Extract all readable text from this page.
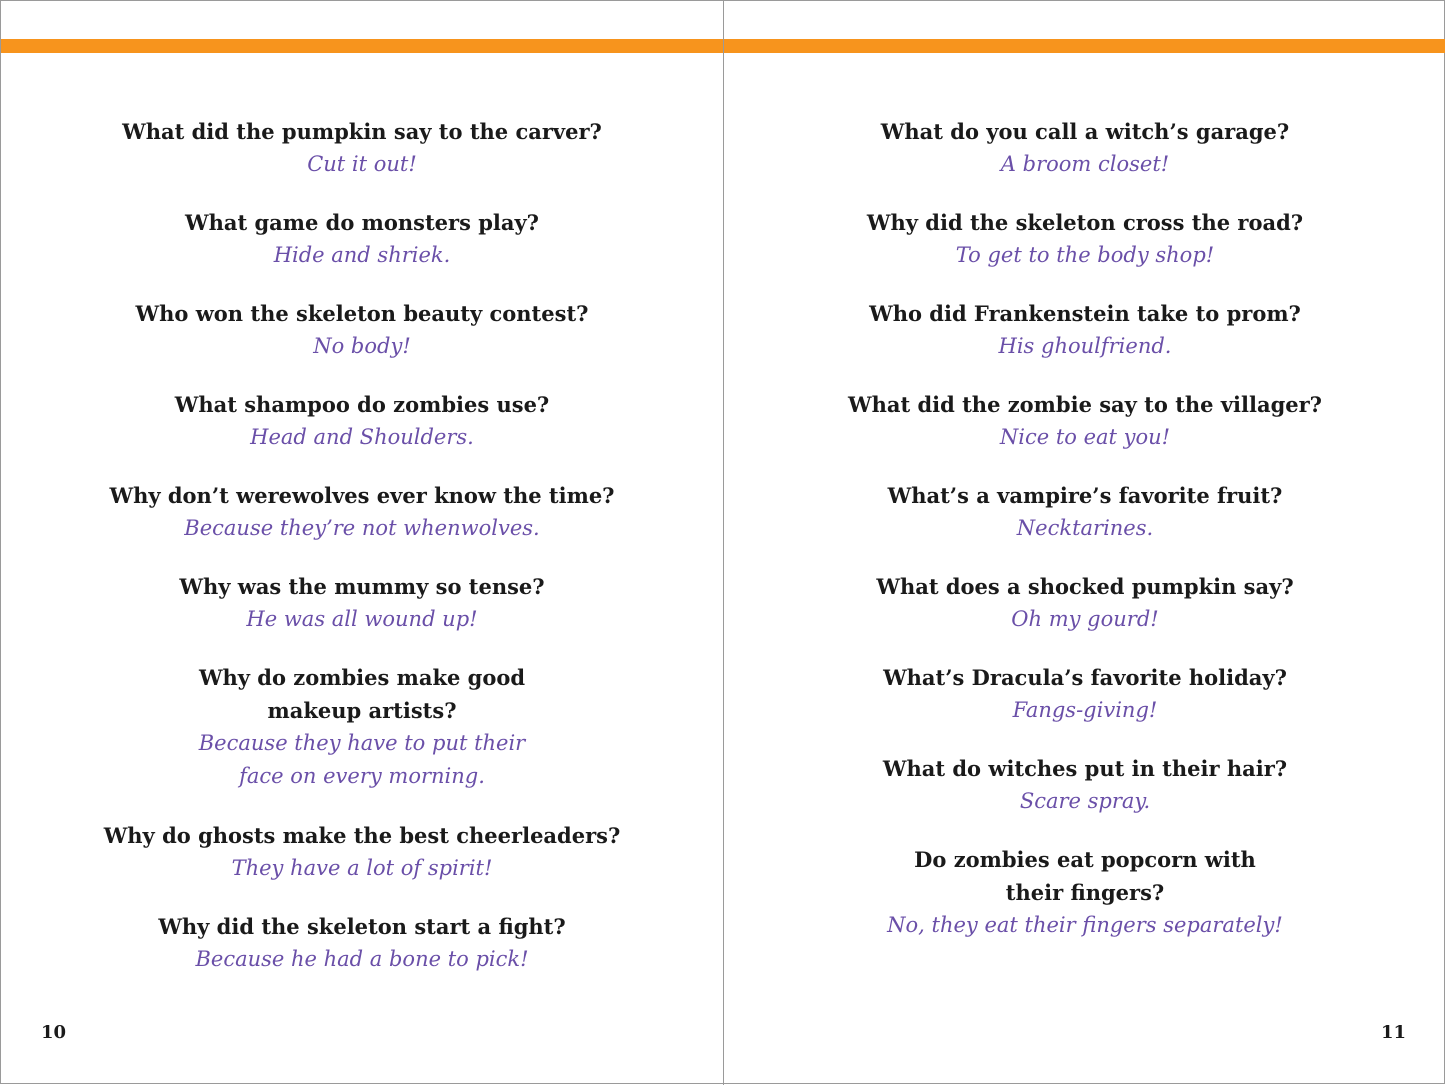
What did the pumpkin say to the carver?

Cut it out!

What game do monsters play?

Hide and shriek.

Who won the skeleton beauty contest?

No body!

What shampoo do zombies use?

Head and Shoulders.

Why don’t werewolves ever know the time?

Because they’re not whenwolves.

Why was the mummy so tense?

He was all wound up!

Why do zombies make good
makeup artists?

Because they have to put their
face on every morning.

Why do ghosts make the best cheerleaders?

They have a lot of spirit!

Why did the skeleton start a fight?

Because he had a bone to pick!

10

What do you call a witch’s garage?

A broom closet!

Why did the skeleton cross the road?

To get to the body shop!

Who did Frankenstein take to prom?

His ghoulfriend.

What did the zombie say to the villager?

Nice to eat you!

What’s a vampire’s favorite fruit?

Necktarines.

What does a shocked pumpkin say?

Oh my gourd!

What’s Dracula’s favorite holiday?

Fangs-giving!

What do witches put in their hair?

Scare spray.

Do zombies eat popcorn with
their fingers?

No, they eat their fingers separately!

11
